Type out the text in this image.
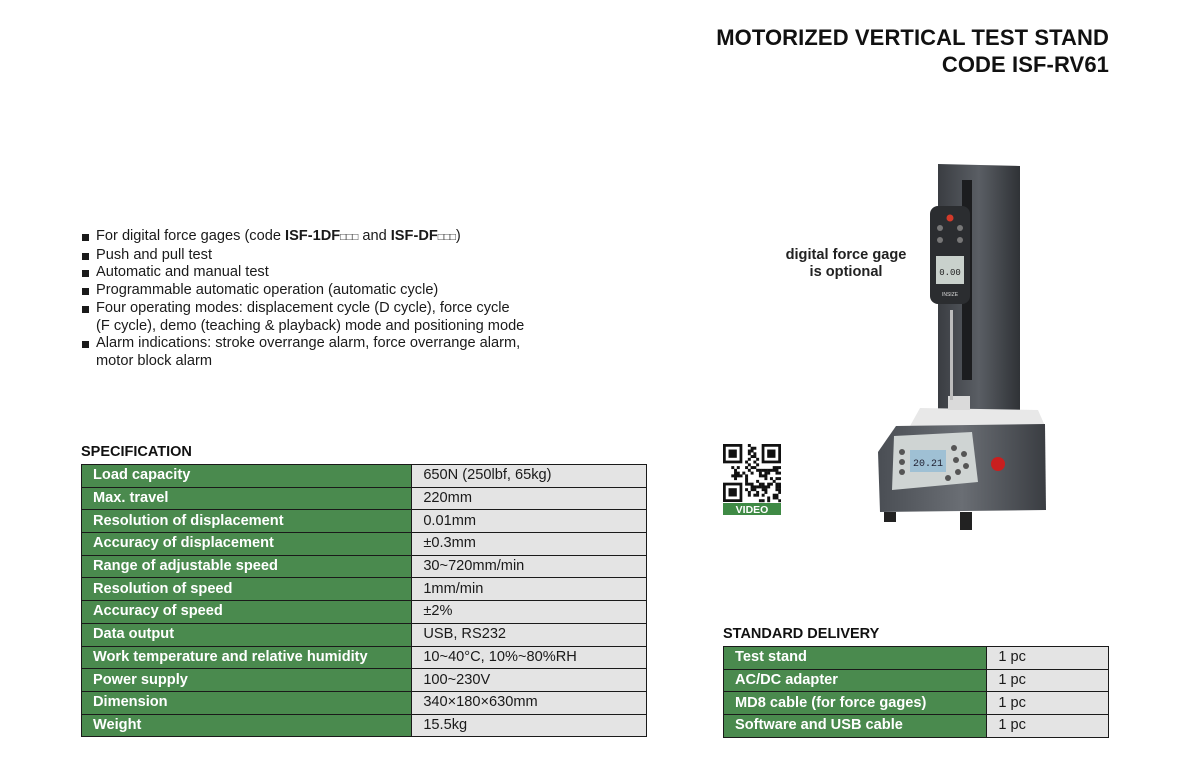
MOTORIZED VERTICAL TEST STAND
CODE ISF-RV61
For digital force gages (code ISF-1DF□□□ and ISF-DF□□□)
Push and pull test
Automatic and manual test
Programmable automatic operation (automatic cycle)
Four operating modes: displacement cycle (D cycle), force cycle
(F cycle), demo (teaching & playback) mode and positioning mode
Alarm indications: stroke overrange alarm, force overrange alarm,
motor block alarm
SPECIFICATION
Load capacity	650N (250lbf, 65kg)
Max. travel	220mm
Resolution of displacement	0.01mm
Accuracy of displacement	±0.3mm
Range of adjustable speed	30~720mm/min
Resolution of speed	1mm/min
Accuracy of speed	±2%
Data output	USB, RS232
Work temperature and relative humidity	10~40°C, 10%~80%RH
Power supply	100~230V
Dimension	340×180×630mm
Weight	15.5kg
digital force gage
is optional
VIDEO
20.21
0.00
INSIZE
STANDARD DELIVERY
Test stand	1 pc
AC/DC adapter	1 pc
MD8 cable (for force gages)	1 pc
Software and USB cable	1 pc
